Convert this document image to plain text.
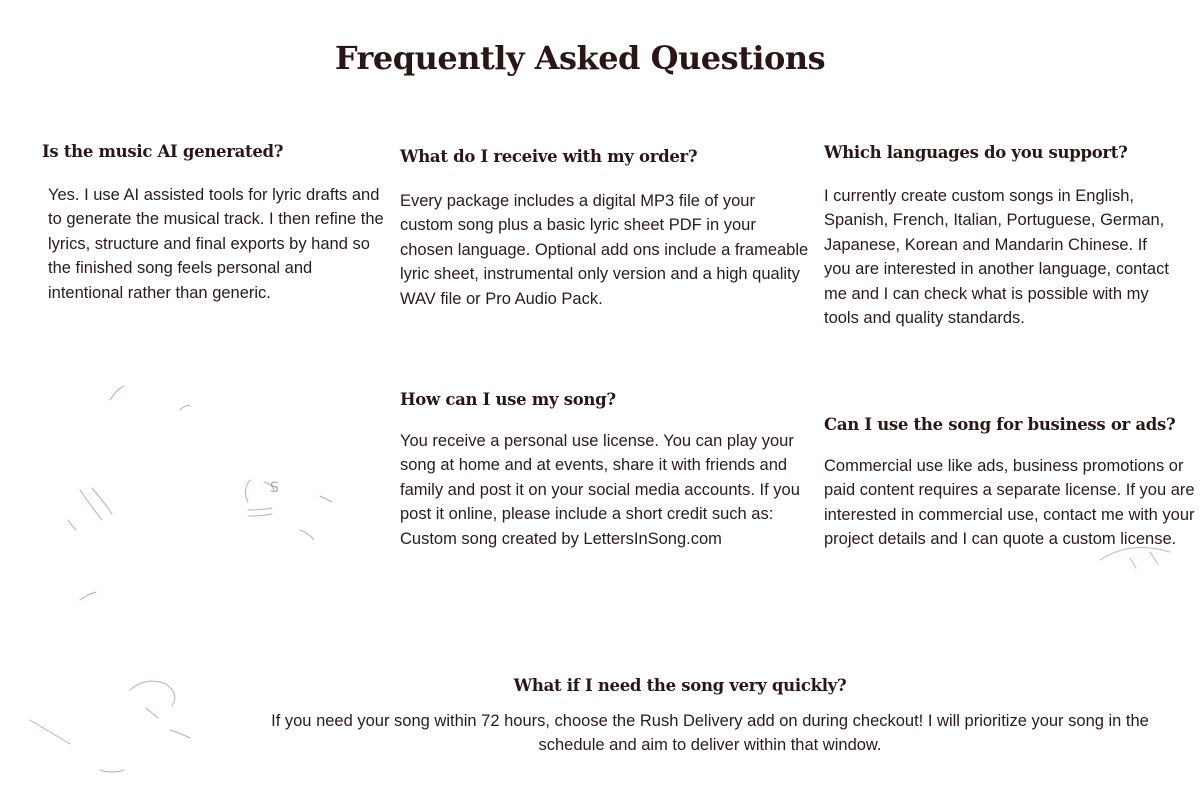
Frequently Asked Questions
Is the music AI generated?

Yes. I use AI assisted tools for lyric drafts and to generate the musical track. I then refine the lyrics, structure and final exports by hand so the finished song feels personal and intentional rather than generic.

What do I receive with my order?

Every package includes a digital MP3 file of your custom song plus a basic lyric sheet PDF in your chosen language. Optional add ons include a frameable lyric sheet, instrumental only version and a high quality WAV file or Pro Audio Pack.

Which languages do you support?

I currently create custom songs in English, Spanish, French, Italian, Portuguese, German, Japanese, Korean and Mandarin Chinese. If you are interested in another language, contact me and I can check what is possible with my tools and quality standards.

How can I use my song?

You receive a personal use license. You can play your song at home and at events, share it with friends and family and post it on your social media accounts. If you post it online, please include a short credit such as: Custom song created by LettersInSong.com

Can I use the song for business or ads?

Commercial use like ads, business promotions or paid content requires a separate license. If you are interested in commercial use, contact me with your project details and I can quote a custom license.

What if I need the song very quickly?

If you need your song within 72 hours, choose the Rush Delivery add on during checkout! I will prioritize your song in the schedule and aim to deliver within that window.

S
